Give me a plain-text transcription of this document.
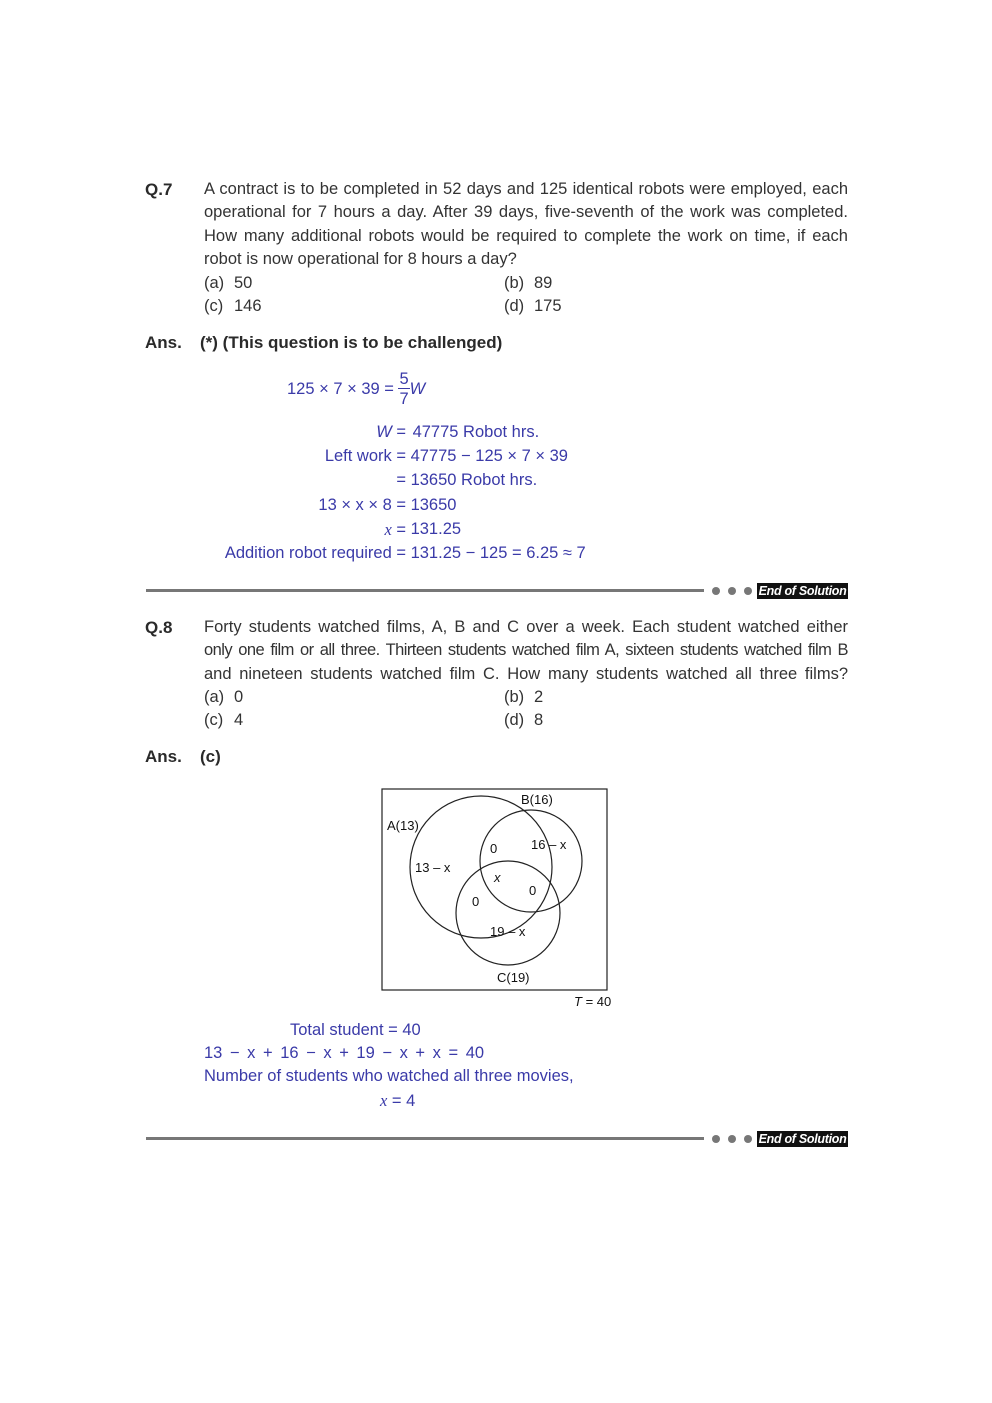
Q.7 A contract is to be completed in 52 days and 125 identical robots were employed, each
operational for 7 hours a day. After 39 days, five-seventh of the work was completed.
How many additional robots would be required to complete the work on time, if each
robot is now operational for 8 hours a day?
(a) 50	(b) 89
(c) 146	(d) 175
Ans. (*) (This question is to be challenged)
125 × 7 × 39 =
$\frac{5}{7}$ W
W = 47775 Robot hrs.
Left work = 47775 − 125 × 7 × 39
= 13650 Robot hrs.
13 × x × 8 = 13650
x = 131.25
Addition robot required = 131.25 − 125 = 6.25 ≈ 7
End of Solution
Q.8 Forty students watched films, A, B and C over a week. Each student watched either
only one film or all three. Thirteen students watched film A, sixteen students watched film B
and nineteen students watched film C. How many students watched all three films?
(a) 0	(b) 2
(c) 4	(d) 8
Ans. (c)
B(16)
A(13)
C(19)
13 – x
16 – x
19 – x
0
0
0
x
T = 40
Total student = 40
13 − x + 16 − x + 19 − x + x = 40
Number of students who watched all three movies,
x = 4
End of Solution
